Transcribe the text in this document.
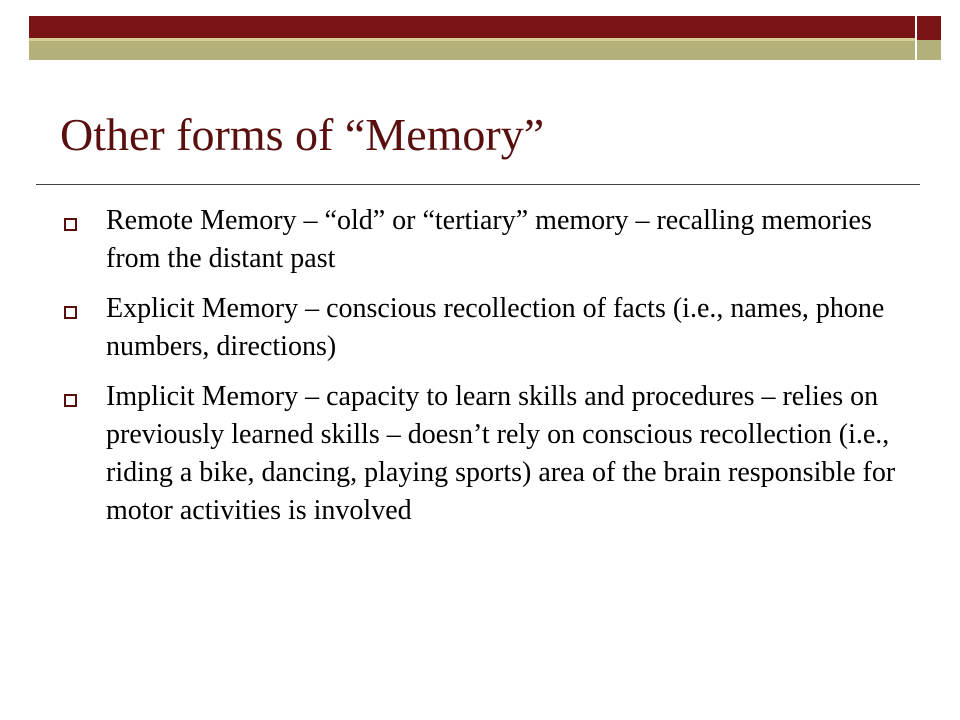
Other forms of “Memory”
Remote Memory – “old” or “tertiary” memory – recalling memories from the distant past
Explicit Memory – conscious recollection of facts (i.e., names, phone numbers, directions)
Implicit Memory – capacity to learn skills and procedures – relies on previously learned skills – doesn’t rely on conscious recollection (i.e., riding a bike, dancing, playing sports) area of the brain responsible for motor activities is involved
